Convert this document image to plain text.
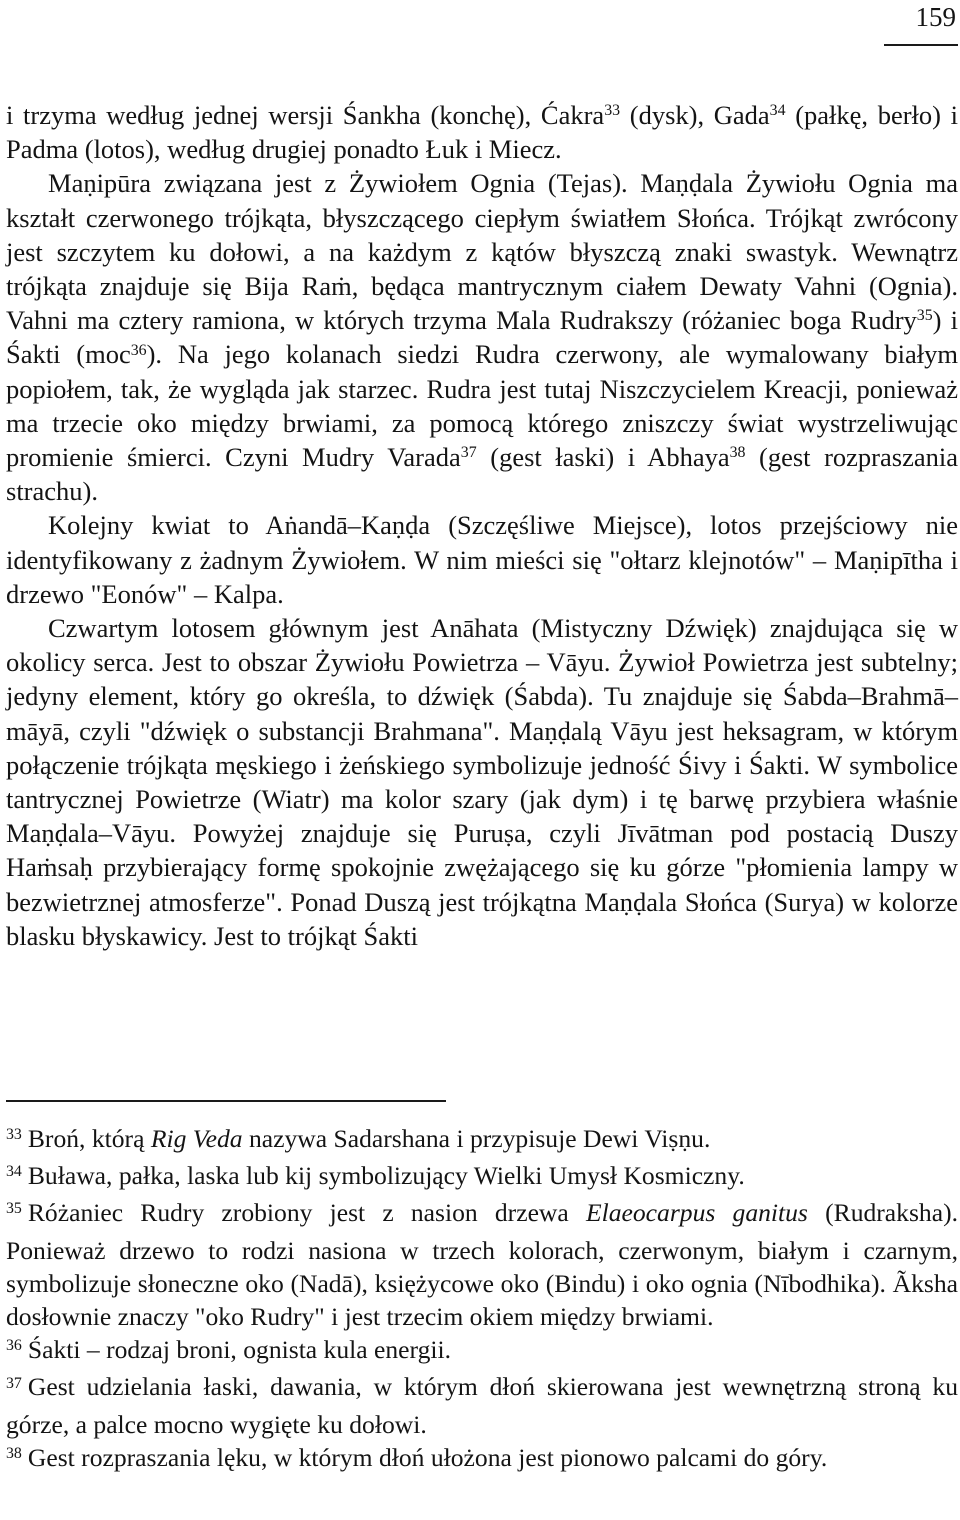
159

i trzyma według jednej wersji Śankha (konchę), Ćakra$^{33}$ (dysk), Gada$^{34}$ (pałkę, berło) i Padma (lotos), według drugiej ponadto Łuk i Miecz.

Maṇipūra związana jest z Żywiołem Ognia (Tejas). Maṇḍala Żywiołu Ognia ma kształt czerwonego trójkąta, błyszczącego ciepłym światłem Słońca. Trójkąt zwrócony jest szczytem ku dołowi, a na każdym z kątów błyszczą znaki swastyk. Wewnątrz trójkąta znajduje się Bija Raṁ, będąca mantrycznym ciałem Dewaty Vahni (Ognia). Vahni ma cztery ramiona, w których trzyma Mala Rudrakszy (różaniec boga Rudry$^{35}$) i Śakti (moc$^{36}$). Na jego kolanach siedzi Rudra czerwony, ale wymalowany białym popiołem, tak, że wygląda jak starzec. Rudra jest tutaj Niszczycielem Kreacji, ponieważ ma trzecie oko między brwiami, za pomocą którego zniszczy świat wystrzeliwując promienie śmierci. Czyni Mudry Varada$^{37}$ (gest łaski) i Abhaya$^{38}$ (gest rozpraszania strachu).

Kolejny kwiat to Aṅandā–Kaṇḍa (Szczęśliwe Miejsce), lotos przejściowy nie identyfikowany z żadnym Żywiołem. W nim mieści się "ołtarz klejnotów" – Maṇipītha i drzewo "Eonów" – Kalpa.

Czwartym lotosem głównym jest Anāhata (Mistyczny Dźwięk) znajdująca się w okolicy serca. Jest to obszar Żywiołu Powietrza – Vāyu. Żywioł Powietrza jest subtelny; jedyny element, który go określa, to dźwięk (Śabda). Tu znajduje się Śabda–Brahmā–māyā, czyli "dźwięk o substancji Brahmana". Maṇḍalą Vāyu jest heksagram, w którym połączenie trójkąta męskiego i żeńskiego symbolizuje jedność Śivy i Śakti. W symbolice tantrycznej Powietrze (Wiatr) ma kolor szary (jak dym) i tę barwę przybiera właśnie Maṇḍala–Vāyu. Powyżej znajduje się Puruṣa, czyli Jīvātman pod postacią Duszy Haṁsaḥ przybierający formę spokojnie zwężającego się ku górze "płomienia lampy w bezwietrznej atmosferze". Ponad Duszą jest trójkątna Maṇḍala Słońca (Surya) w kolorze blasku błyskawicy. Jest to trójkąt Śakti

$^{33}$ Broń, którą Rig Veda nazywa Sadarshana i przypisuje Dewi Viṣṇu.

$^{34}$ Buława, pałka, laska lub kij symbolizujący Wielki Umysł Kosmiczny.

$^{35}$ Różaniec Rudry zrobiony jest z nasion drzewa Elaeocarpus ganitus (Rudraksha). Ponieważ drzewo to rodzi nasiona w trzech kolorach, czerwonym, białym i czarnym, symbolizuje słoneczne oko (Nadā), księżycowe oko (Bindu) i oko ognia (Nībodhika). Ãksha dosłownie znaczy "oko Rudry" i jest trzecim okiem między brwiami.

$^{36}$ Śakti – rodzaj broni, ognista kula energii.

$^{37}$ Gest udzielania łaski, dawania, w którym dłoń skierowana jest wewnętrzną stroną ku górze, a palce mocno wygięte ku dołowi.

$^{38}$ Gest rozpraszania lęku, w którym dłoń ułożona jest pionowo palcami do góry.
